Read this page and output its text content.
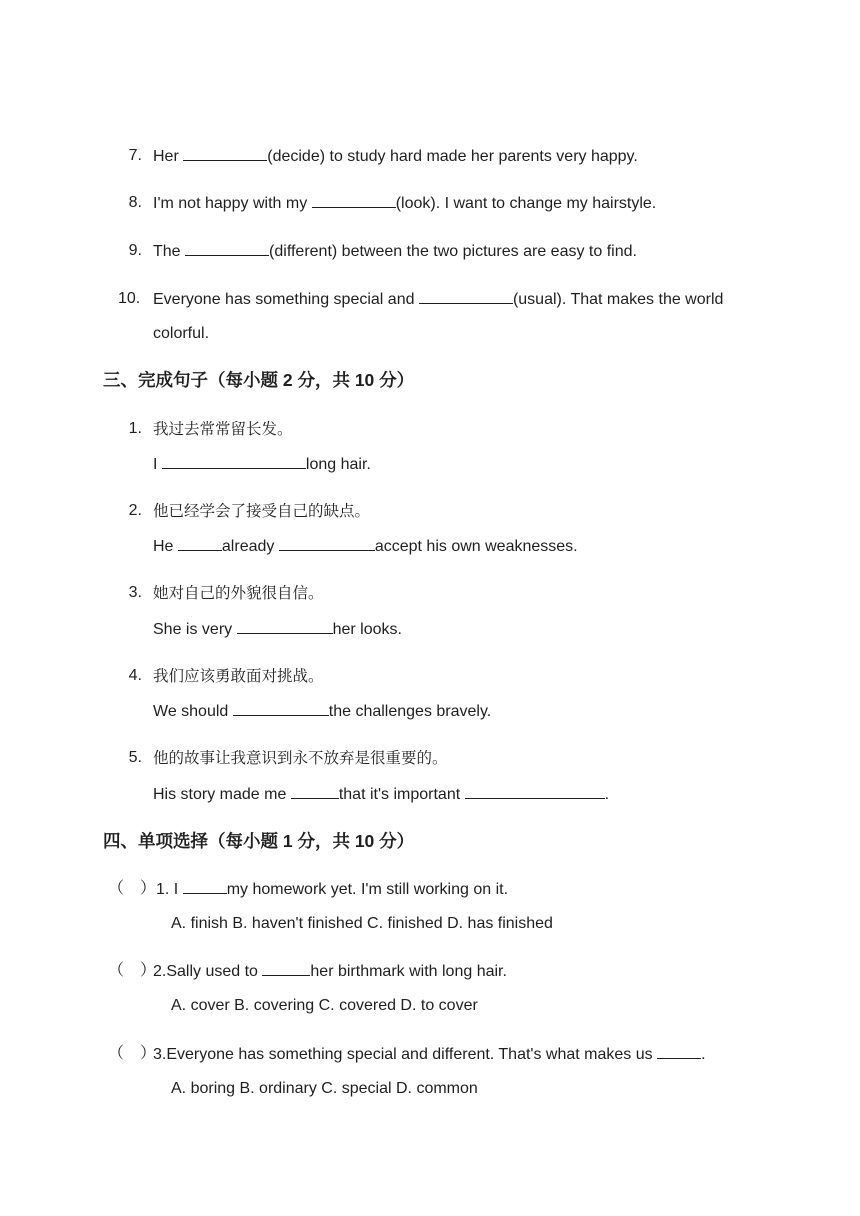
7. Her	(decide) to study hard made her parents very happy.
8. I'm not happy with my	(look). I want to change my hairstyle.
9. The	(different) between the two pictures are easy to find.
10. Everyone has something special and	(usual). That makes the world
colorful.
三、完成句子（每小题 2 分，共 10 分）
1. 我过去常常留长发。
I	long hair.
2. 他已经学会了接受自己的缺点。
He	already	accept his own weaknesses.
3. 她对自己的外貌很自信。
She is very	her looks.
4. 我们应该勇敢面对挑战。
We should	the challenges bravely.
5. 他的故事让我意识到永不放弃是很重要的。
His story made me	that it's important	.
四、单项选择（每小题 1 分，共 10 分）
（　） 1. I	my homework yet. I'm still working on it.
A. finish B. haven't finished C. finished D. has finished
（　）
2.Sally used to	her birthmark with long hair.
A. cover B. covering C. covered D. to cover
（　）
3.Everyone has something special and different. That's what makes us	.
A. boring B. ordinary C. special D. common
